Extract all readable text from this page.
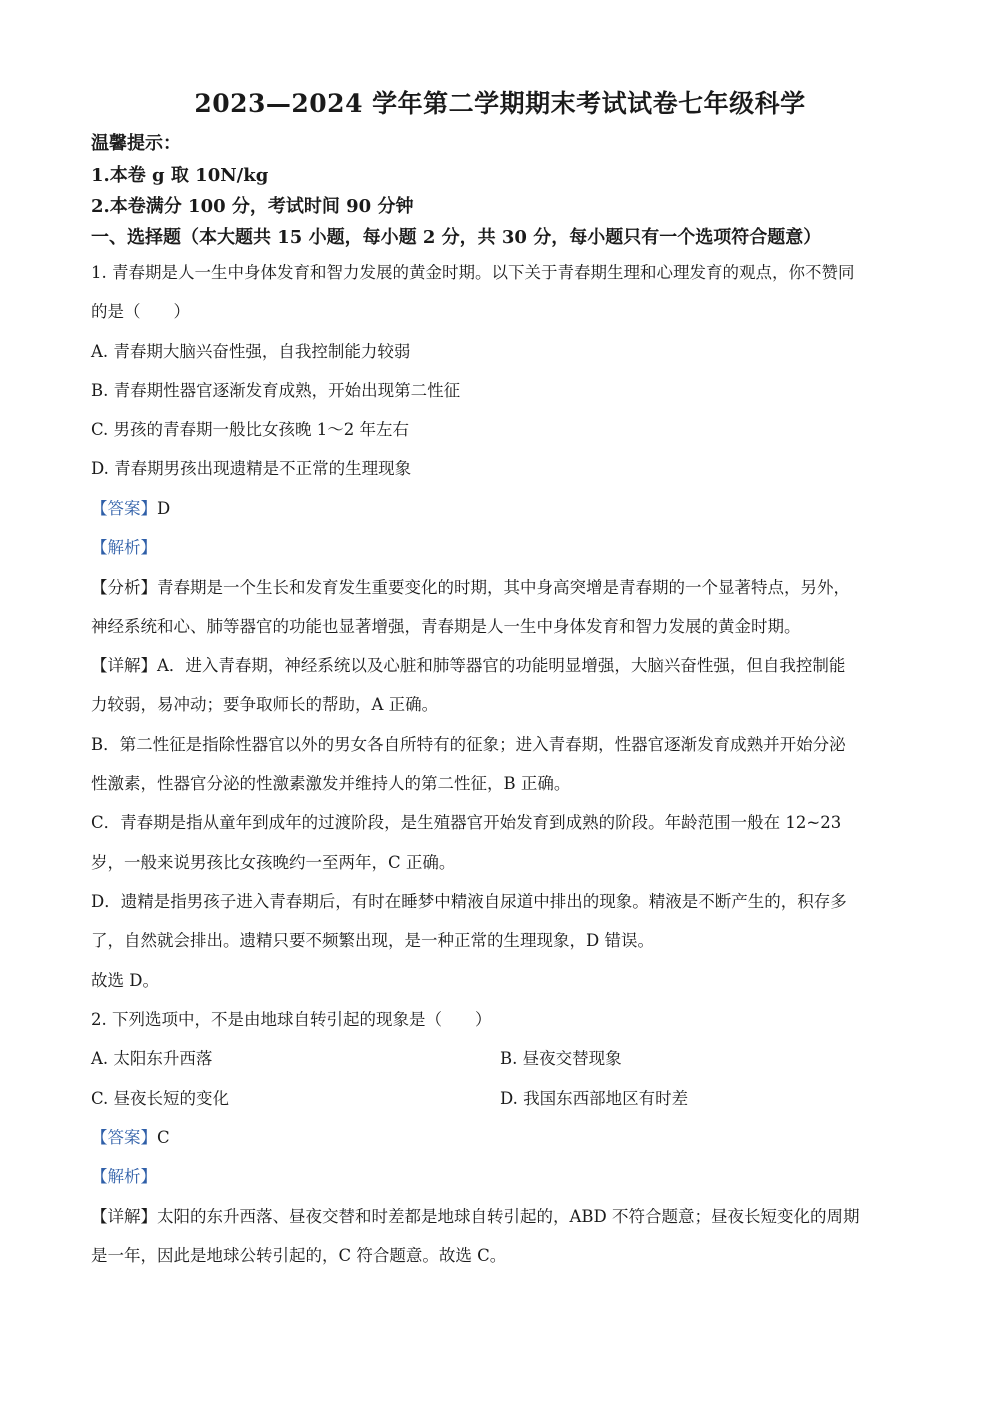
2023—2024 学年第二学期期末考试试卷七年级科学
温馨提示：
1.本卷 g 取 10N/kg
2.本卷满分 100 分，考试时间 90 分钟
一、选择题（本大题共 15 小题，每小题 2 分，共 30 分，每小题只有一个选项符合题意）
1. 青春期是人一生中身体发育和智力发展的黄金时期。以下关于青春期生理和心理发育的观点，你不赞同
的是（　　）
A. 青春期大脑兴奋性强，自我控制能力较弱
B. 青春期性器官逐渐发育成熟，开始出现第二性征
C. 男孩的青春期一般比女孩晚 1～2 年左右
D. 青春期男孩出现遗精是不正常的生理现象
【答案】D
【解析】
【分析】青春期是一个生长和发育发生重要变化的时期，其中身高突增是青春期的一个显著特点，另外，
神经系统和心、肺等器官的功能也显著增强，青春期是人一生中身体发育和智力发展的黄金时期。
【详解】A．进入青春期，神经系统以及心脏和肺等器官的功能明显增强，大脑兴奋性强，但自我控制能
力较弱，易冲动；要争取师长的帮助，A 正确。
B．第二性征是指除性器官以外的男女各自所特有的征象；进入青春期，性器官逐渐发育成熟并开始分泌
性激素，性器官分泌的性激素激发并维持人的第二性征，B 正确。
C．青春期是指从童年到成年的过渡阶段，是生殖器官开始发育到成熟的阶段。年龄范围一般在 12~23
岁，一般来说男孩比女孩晚约一至两年，C 正确。
D．遗精是指男孩子进入青春期后，有时在睡梦中精液自尿道中排出的现象。精液是不断产生的，积存多
了，自然就会排出。遗精只要不频繁出现，是一种正常的生理现象，D 错误。
故选 D。
2. 下列选项中，不是由地球自转引起的现象是（　　）
A. 太阳东升西落	B. 昼夜交替现象
C. 昼夜长短的变化	D. 我国东西部地区有时差
【答案】C
【解析】
【详解】太阳的东升西落、昼夜交替和时差都是地球自转引起的，ABD 不符合题意；昼夜长短变化的周期
是一年，因此是地球公转引起的，C 符合题意。故选 C。
